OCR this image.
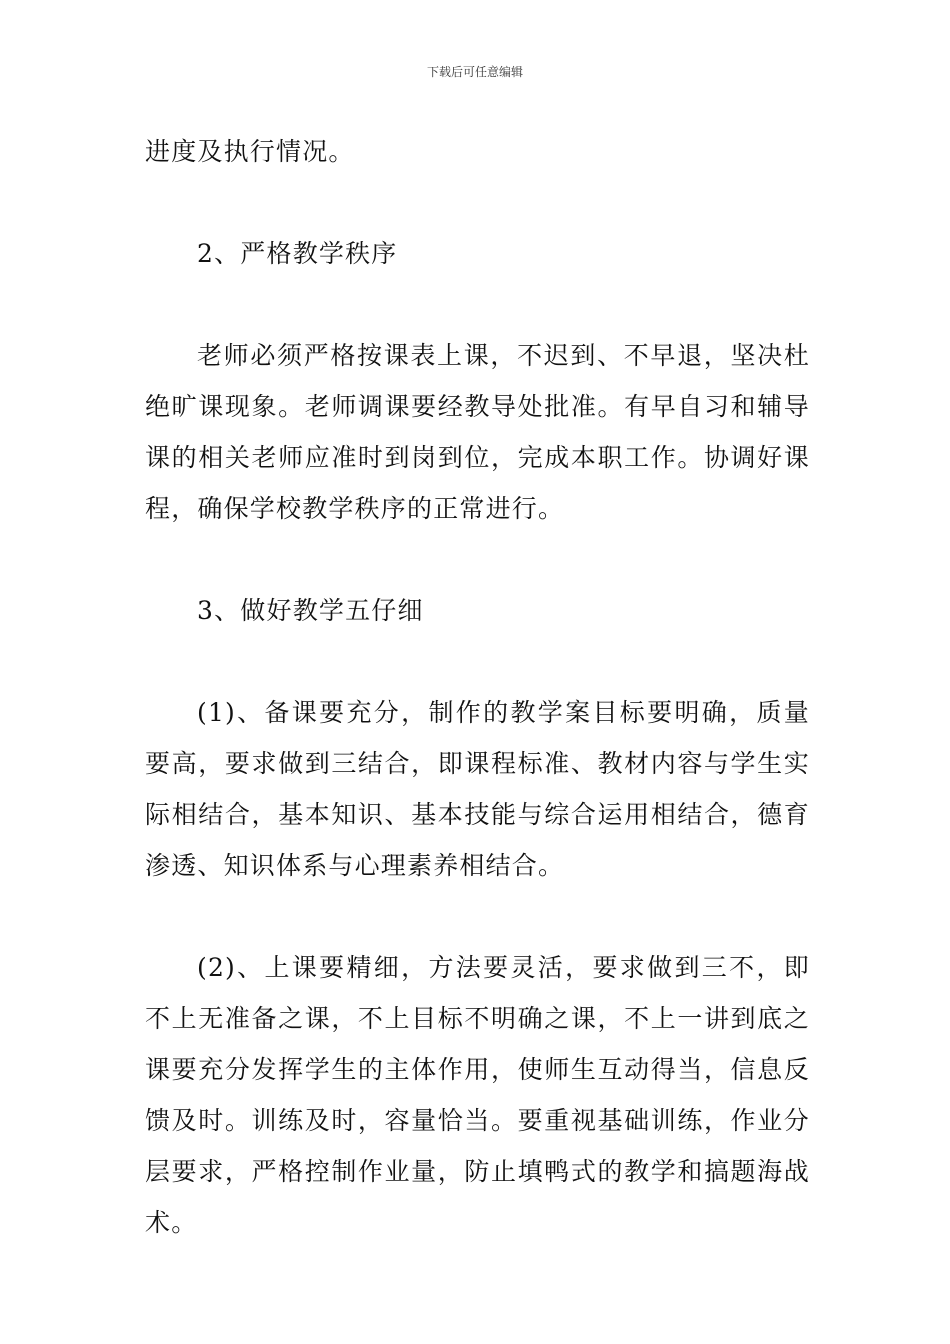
下载后可任意编辑

进度及执行情况。

2、严格教学秩序

老师必须严格按课表上课，不迟到、不早退，坚决杜绝旷课现象。老师调课要经教导处批准。有早自习和辅导课的相关老师应准时到岗到位，完成本职工作。协调好课程，确保学校教学秩序的正常进行。

3、做好教学五仔细

(1)、备课要充分，制作的教学案目标要明确，质量要高，要求做到三结合，即课程标准、教材内容与学生实际相结合，基本知识、基本技能与综合运用相结合，德育渗透、知识体系与心理素养相结合。

(2)、上课要精细，方法要灵活，要求做到三不，即不上无准备之课，不上目标不明确之课，不上一讲到底之课要充分发挥学生的主体作用，使师生互动得当，信息反馈及时。训练及时，容量恰当。要重视基础训练，作业分层要求，严格控制作业量，防止填鸭式的教学和搞题海战术。
